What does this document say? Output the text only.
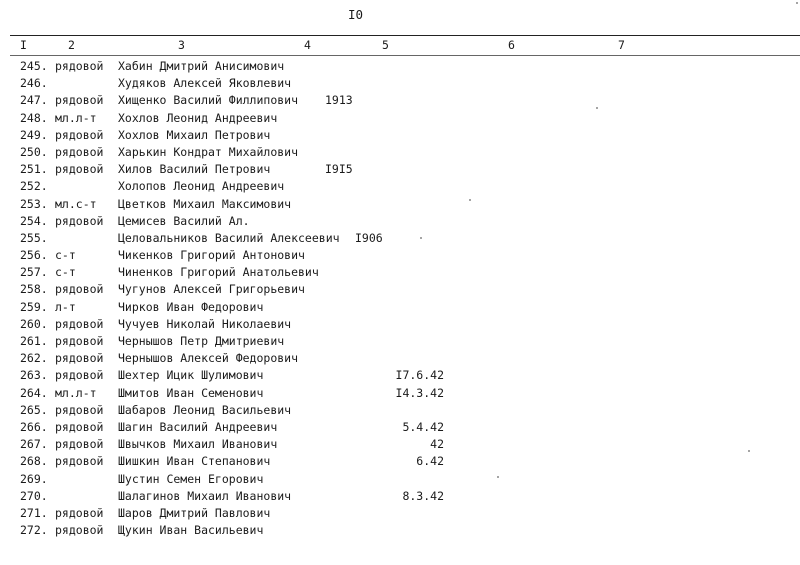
I0
I	2	3	4	5	6	7
245. рядовой Хабин Дмитрий Анисимович
246.	Худяков Алексей Яковлевич
247. рядовой Хищенко Василий Филлипович 1913
248. мл.л-т Хохлов Леонид Андреевич
249. рядовой Хохлов Михаил Петрович
250. рядовой Харькин Кондрат Михайлович
251. рядовой Хилов Василий Петрович	I9I5
252.	Холопов Леонид Андреевич
253. мл.с-т Цветков Михаил Максимович
254. рядовой Цемисев Василий Ал.
255.	Целовальников Василий Алексеевич I906
256. с-т	Чикенков Григорий Антонович
257. с-т	Чиненков Григорий Анатольевич
258. рядовой Чугунов Алексей Григорьевич
259. л-т	Чирков Иван Федорович
260. рядовой Чучуев Николай Николаевич
261. рядовой Чернышов Петр Дмитриевич
262. рядовой Чернышов Алексей Федорович
263. рядовой Шехтер Ицик Шулимович	I7.6.42
264. мл.л-т Шмитов Иван Семенович	I4.3.42
265. рядовой Шабаров Леонид Васильевич
266. рядовой Шагин Василий Андреевич	5.4.42
267. рядовой Швычков Михаил Иванович	42
268. рядовой Шишкин Иван Степанович	6.42
269.	Шустин Семен Егорович
270.	Шалагинов Михаил Иванович	8.3.42
271. рядовой Шаров Дмитрий Павлович
272. рядовой Щукин Иван Васильевич
